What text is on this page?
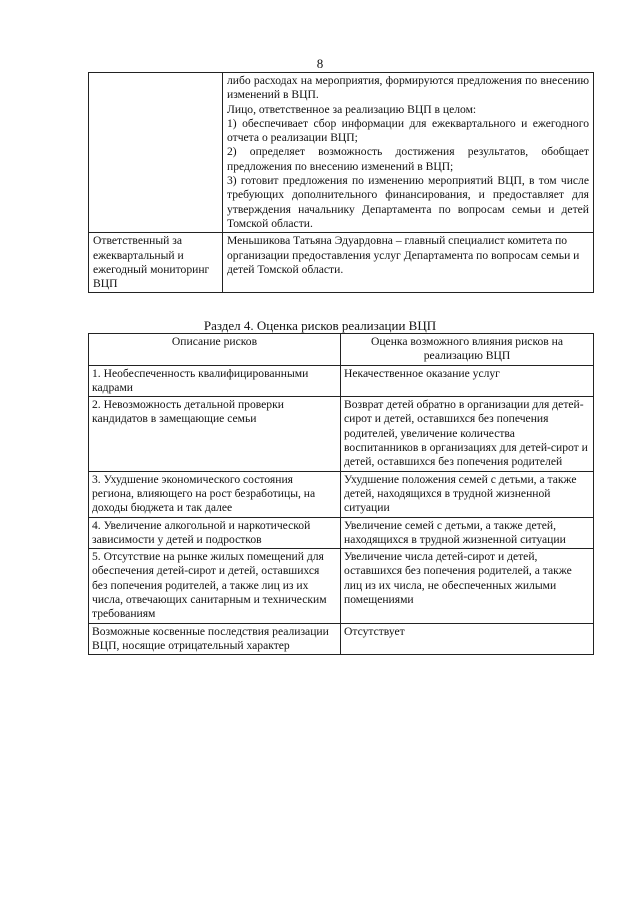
8

	либо расходах на мероприятия, формируются предложения по внесению изменений в ВЦП.

Лицо, ответственное за реализацию ВЦП в целом:

1) обеспечивает сбор информации для ежеквартального и ежегодного отчета о реализации ВЦП;

2) определяет возможность достижения результатов, обобщает предложения по внесению изменений в ВЦП;

3) готовит предложения по изменению мероприятий ВЦП, в том числе требующих дополнительного финансирования, и предоставляет для утверждения начальнику Департамента по вопросам семьи и детей Томской области.

Ответственный за ежеквартальный и ежегодный мониторинг ВЦП	Меньшикова Татьяна Эдуардовна – главный специалист комитета по организации предоставления услуг Департамента по вопросам семьи и детей Томской области.
Раздел 4. Оценка рисков реализации ВЦП
Описание рисков	Оценка возможного влияния рисков на реализацию ВЦП
1. Необеспеченность квалифицированными кадрами	Некачественное оказание услуг
2. Невозможность детальной проверки кандидатов в замещающие семьи	Возврат детей обратно в организации для детей-сирот и детей, оставшихся без попечения родителей, увеличение количества воспитанников в организациях для детей-сирот и детей, оставшихся без попечения родителей
3. Ухудшение экономического состояния региона, влияющего на рост безработицы, на доходы бюджета и так далее	Ухудшение положения семей с детьми, а также детей, находящихся в трудной жизненной ситуации
4. Увеличение алкогольной и наркотической зависимости у детей и подростков	Увеличение семей с детьми, а также детей, находящихся в трудной жизненной ситуации
5. Отсутствие на рынке жилых помещений для обеспечения детей-сирот и детей, оставшихся без попечения родителей, а также лиц из их числа, отвечающих санитарным и техническим требованиям	Увеличение числа детей-сирот и детей, оставшихся без попечения родителей, а также лиц из их числа, не обеспеченных жилыми помещениями
Возможные косвенные последствия реализации ВЦП, носящие отрицательный характер	Отсутствует
